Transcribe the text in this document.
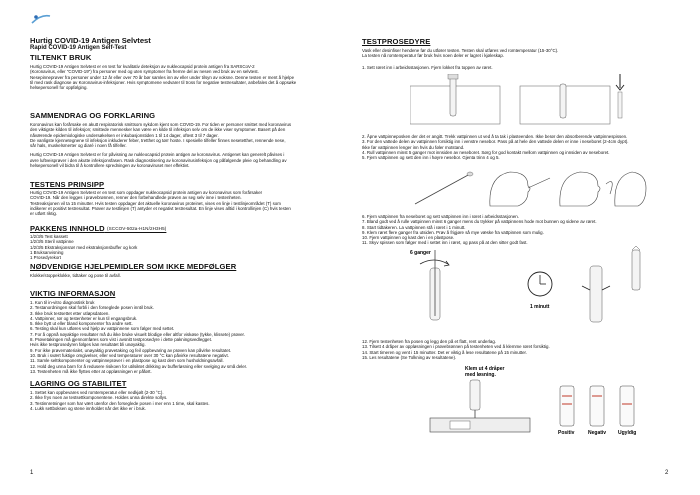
Hurtig COVID-19 Antigen Selvtest
Rapid COVID-19 Antigen Self-Test
TILTENKT BRUK
Hurtig COVID-19 Antigen Selvtest er en test for kvalitativ deteksjon av nukleocapsid protein antigen fra SARSCoV-2
(Koronavirus, eller "COVID-19") fra personer med og uten symptomer fra fremre del av nesen ved bruk av en selvtest.
Nesepinneprøver fra personer under 12 år eller over 70 år bør samles inn av eller under tilsyn av voksne. Denne testen er ment å hjelpe
til med rask diagnose av Koronavirus-infeksjoner. Hvis symptomene vedvarer til tross for negative testresultater, anbefales det å oppsøke
helsepersonell for oppfølging.
SAMMENDRAG OG FORKLARING
Koronavirus kan forårsake en akutt respiratorisk smittsom sykdom kjent som COVID-19. For tiden er personer smittet med koronavirus
den viktigste kilden til infeksjon; smittede mennesker kan være en kilde til infeksjon selv om de ikke viser symptomer. Basert på den
nåværende epidemiologiske undersøkelsen er inkubasjonstiden 1 til 14 dager, oftest 3 til 7 dager.
De vanligste kjennetegnene til infeksjon inkluderer feber, tretthet og tørr hoste. I spesielle tilfeller finnes nesetetthet, rennende nese,
sår hals, muskelsmerter og diaré i noen få tilfeller.
Hurtig COVID-19 Antigen Selvtest er for påvisning av nukleocapsid protein antigen av koronavirus. Antigenet kan generelt påvises i
øvre luftveisprøver i den akutte infeksjonsfasen. Rask diagnostisering av koronavirusinfeksjon og påfølgende pleie og behandling av
helsepersonell vil bidra til å kontrollere spredningen av koronaviruset mer effektivt.
TESTENS PRINSIPP
Hurtig COVID-19 Antigen Selvtest er en test som oppdager nukleocapsid protein antigen av koronavirus som forårsaker
COVID-19. Når den legges i prøvebrønnen, renner den forbehandlede prøven av seg selv inne i testenheten.
Testreaksjonen vil ta 15 minutter. Hvis testen oppdager det aktuelle koronavirus proteinet, vises en linje i testlinjeområdet (T) som
indikerer et positivt testresultat. Prøver av testlinjen (T) antyder et negativt testresultat. En linje vises alltid i kontrollinjen (C) hvis testen
er utført riktig.
PAKKENS INNHOLD (SCCOV-502a-H1N/2H3H5)
1/2/3/5 Test kassett
1/2/3/5 Steril vattpinne
1/2/3/5 Ekstraksjonsrør med ekstraksjonsbuffer og kork
1 Bruksanvisning
1 Prosedyrekort
NØDVENDIGE HJELPEMIDLER SOM IKKE MEDFØLGER
Klokke/stoppeklokke, tidtaker og pose til avfall.
VIKTIG INFORMASJON
1. Kun til in-vitro diagnostisk bruk
2. Testanordningen skal forbli i den forseglede posen inntil bruk.
3. Ikke bruk testsettet etter utløpsdatoen.
4. Vattpinner, rør og testenheter er kun til engangsbruk.
5. Ikke bytt ut eller bland komponenter fra andre sett.
6. Testing skal kun utføres ved hjelp av vattpinnene som følger med settet.
7. For å oppnå nøyaktige resultater må du ikke bruke visuelt blodige eller altfor viskøse (tykke, klissete) prøver.
8. Prøvetakingen må gjennomføres som vist i avsnitt testprosedyre i dette pakningsvedlegget.
Hvis ikke testprosedyren følges kan resultatet bli unøyaktig.
9. For ikke prøvematerialet, unøyaktig prøvetaking og feil oppbevaring av prøven kan påvirke resultatet.
10. Bruk i svært fuktige omgivelser, eller ved temperaturer over 30 °C kan påvirke resultatene negativt.
11. Samle selttkomponenter og vattpinneprøver i en plastpose og kast dem som husholdningsavfall.
12. Hold deg unna barn for å redusere risikoen for utilsiktet drikking av bufferløsning eller svelging av små deler.
13. Testenheten må ikke flyttes etter at oppløsningen er påført.
LAGRING OG STABILITET
1. Settet kan oppbevares ved romtemperatur eller nedkjølt (2-30 °C).
2. Ikke frys noen av testsettkomponentene. Holdes unna direkte sollys.
3. Testinnretninger som har vært utenfor den forseglede posen i mer enn 1 time, skal kastes.
4. Lukk settboksen og stene innholdet når det ikke er i bruk.
1
TESTPROSEDYRE
Vask eller desinfiser hendene før du utfører testen. Testen skal utføres ved romtemperatur (15-30°C).
La testen nå romtemperatur før bruk hvis noen deler er lagret i kjøleskap.
1. Sett røret inn i arbeidsstasjonen. Fjern lokket fra toppen av røret.
2. Åpne vattpinneposken der det er angitt. Trekk vattpinnen ut ved å ta tak i plasteenden. Ikke berør den absorberende vattpinnespissen.
3. For den vattede delen av vattpinnen forsiktig inn i venstre nesebor. Pass på at hele den vattede delen er inne i neseboret (2-4cm dypt).
Ikke før vattpinnen lenger inn hvis du føler motstand.
4. Rull vattpinnen minst 5 ganger mot innsiden av neseboret. Sørg for god kontakt mellom vattpinnen og innsiden av neseboret.
5. Fjern vattpinnen og sett den inn i høyre nesebor. Gjenta trinn 4 og 5.
6. Fjern vattpinnen fra neseboret og sett vattpinnen inn i røret i arbeidsstasjonen.
7. Bland godt ved å rulle vattpinnen minst 6 ganger mens du trykker på vattpinnens hode mot bunnen og sidene av røret.
8. Start tidtakeren. La vattpinnen stå i røret i 1 minutt.
9. Klem røret flere ganger fra utsiden. Prøv å frigjøre så mye væske fra vattpinnen som mulig.
10. Fjern vattpinnen og kast den i en plastpose.
11. Skyv spissen som følger med i settet inn i røret, og pass på at den sitter godt fast.
6 ganger
1 minutt
12. Fjern testenheten fra posen og legg den på et flatt, rent underlag.
13. Tilsett 4 dråper av oppløsningen i prøvebrønnen på testenheten ved å klemme røret forsiktig.
14. Start timeren og vent i 15 minutter. Det er viktig å lese resultatene på 15 minutter.
15. Les resultatene (Se Tolkning av resultatene).
Klem ut 4 dråper
med løsning.
Positiv	Negativ Ugyldig
2
